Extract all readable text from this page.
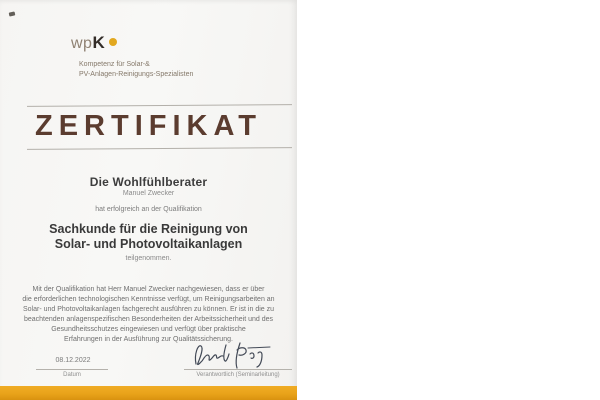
wpK
Kompetenz für Solar-&
PV-Anlagen-Reinigungs-Spezialisten
ZERTIFIKAT
Die Wohlfühlberater
Manuel Zwecker
hat erfolgreich an der Qualifikation
Sachkunde für die Reinigung von
Solar- und Photovoltaikanlagen
teilgenommen.
Mit der Qualifikation hat Herr Manuel Zwecker nachgewiesen, dass er über
die erforderlichen technologischen Kenntnisse verfügt, um Reinigungsarbeiten an
Solar- und Photovoltaikanlagen fachgerecht ausführen zu können. Er ist in die zu
beachtenden anlagenspezifischen Besonderheiten der Arbeitssicherheit und des
Gesundheitsschutzes eingewiesen und verfügt über praktische
Erfahrungen in der Ausführung zur Qualitätssicherung.
08.12.2022
Datum	Verantwortlich (Seminarleitung)
